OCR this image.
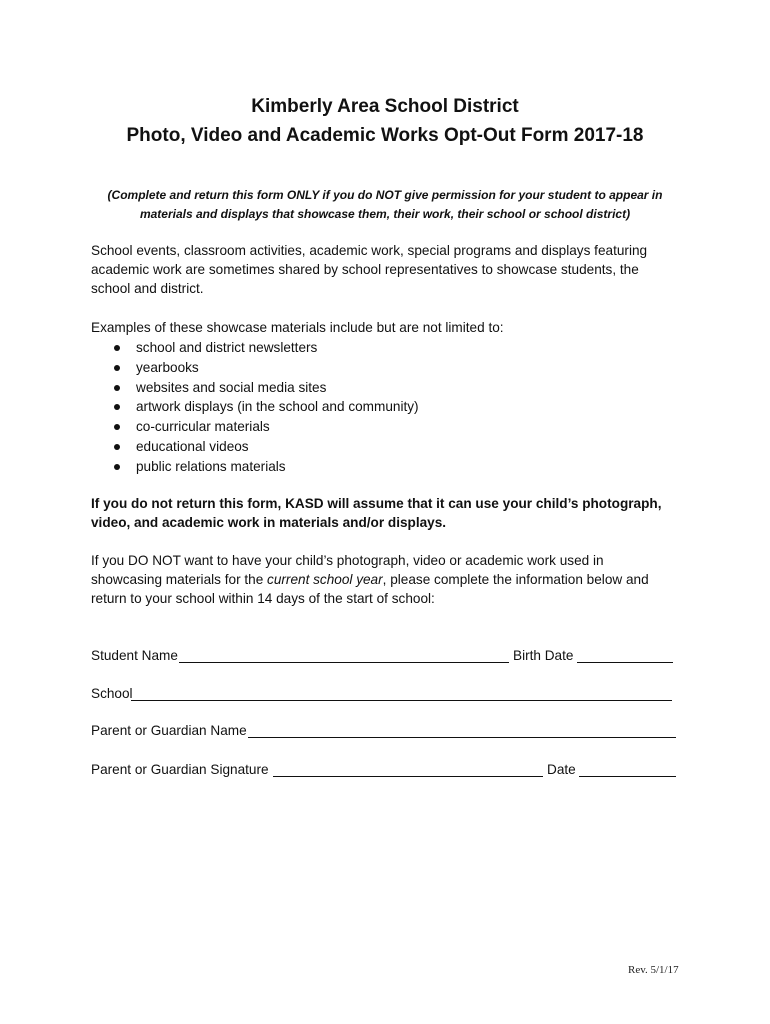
Kimberly Area School District
Photo, Video and Academic Works Opt-Out Form 2017-18
(Complete and return this form ONLY if you do NOT give permission for your student to appear in
materials and displays that showcase them, their work, their school or school district)
School events, classroom activities, academic work, special programs and displays featuring
academic work are sometimes shared by school representatives to showcase students, the
school and district.
Examples of these showcase materials include but are not limited to:
school and district newsletters
yearbooks
websites and social media sites
artwork displays (in the school and community)
co-curricular materials
educational videos
public relations materials
If you do not return this form, KASD will assume that it can use your child’s photograph,
video, and academic work in materials and/or displays.
If you DO NOT want to have your child’s photograph, video or academic work used in
showcasing materials for the current school year, please complete the information below and
return to your school within 14 days of the start of school:
Student Name	Birth Date
School
Parent or Guardian Name
Parent or Guardian Signature	Date
Rev. 5/1/17
